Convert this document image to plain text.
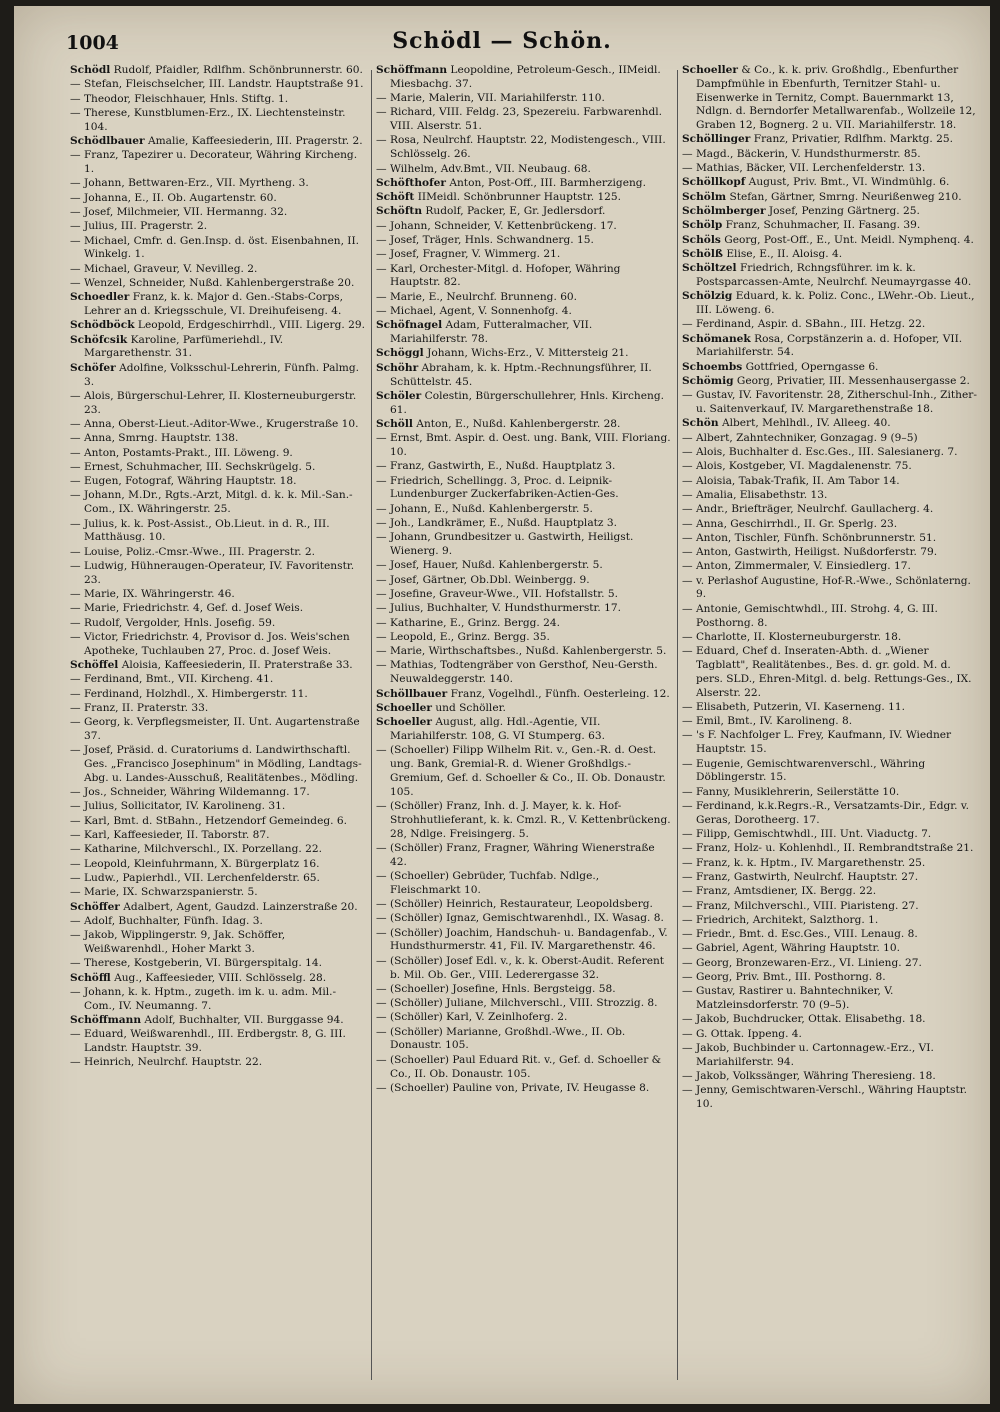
1004	Schödl — Schön.

Schödl Rudolf, Pfaidler, Rdlfhm. Schönbrunnerstr. 60.

— Stefan, Fleischselcher, III. Landstr. Hauptstraße 91.

— Theodor, Fleischhauer, Hnls. Stiftg. 1.

— Therese, Kunstblumen-Erz., IX. Liechtensteinstr. 104.

Schödlbauer Amalie, Kaffeesiederin, III. Pragerstr. 2.

— Franz, Tapezirer u. Decorateur, Währing Kircheng. 1.

— Johann, Bettwaren-Erz., VII. Myrtheng. 3.

— Johanna, E., II. Ob. Augartenstr. 60.

— Josef, Milchmeier, VII. Hermanng. 32.

— Julius, III. Pragerstr. 2.

— Michael, Cmfr. d. Gen.Insp. d. öst. Eisenbahnen, II. Winkelg. 1.

— Michael, Graveur, V. Nevilleg. 2.

— Wenzel, Schneider, Nußd. Kahlenbergerstraße 20.

Schoedler Franz, k. k. Major d. Gen.-Stabs-Corps, Lehrer an d. Kriegsschule, VI. Dreihufeiseng. 4.

Schödböck Leopold, Erdgeschirrhdl., VIII. Ligerg. 29.

Schöfcsik Karoline, Parfümeriehdl., IV. Margarethenstr. 31.

Schöfer Adolfine, Volksschul-Lehrerin, Fünfh. Palmg. 3.

— Alois, Bürgerschul-Lehrer, II. Klosterneuburgerstr. 23.

— Anna, Oberst-Lieut.-Aditor-Wwe., Krugerstraße 10.

— Anna, Smrng. Hauptstr. 138.

— Anton, Postamts-Prakt., III. Löweng. 9.

— Ernest, Schuhmacher, III. Sechskrügelg. 5.

— Eugen, Fotograf, Währing Hauptstr. 18.

— Johann, M.Dr., Rgts.-Arzt, Mitgl. d. k. k. Mil.-San.-Com., IX. Währingerstr. 25.

— Julius, k. k. Post-Assist., Ob.Lieut. in d. R., III. Matthäusg. 10.

— Louise, Poliz.-Cmsr.-Wwe., III. Pragerstr. 2.

— Ludwig, Hühneraugen-Operateur, IV. Favoritenstr. 23.

— Marie, IX. Währingerstr. 46.

— Marie, Friedrichstr. 4, Gef. d. Josef Weis.

— Rudolf, Vergolder, Hnls. Josefig. 59.

— Victor, Friedrichstr. 4, Provisor d. Jos. Weis'schen Apotheke, Tuchlauben 27, Proc. d. Josef Weis.

Schöffel Aloisia, Kaffeesiederin, II. Praterstraße 33.

— Ferdinand, Bmt., VII. Kircheng. 41.

— Ferdinand, Holzhdl., X. Himbergerstr. 11.

— Franz, II. Praterstr. 33.

— Georg, k. Verpflegsmeister, II. Unt. Augartenstraße 37.

— Josef, Präsid. d. Curatoriums d. Landwirthschaftl. Ges. „Francisco Josephinum" in Mödling, Landtags-Abg. u. Landes-Ausschuß, Realitätenbes., Mödling.

— Jos., Schneider, Währing Wildemanng. 17.

— Julius, Sollicitator, IV. Karolineng. 31.

— Karl, Bmt. d. StBahn., Hetzendorf Gemeindeg. 6.

— Karl, Kaffeesieder, II. Taborstr. 87.

— Katharine, Milchverschl., IX. Porzellang. 22.

— Leopold, Kleinfuhrmann, X. Bürgerplatz 16.

— Ludw., Papierhdl., VII. Lerchenfelderstr. 65.

— Marie, IX. Schwarzspanierstr. 5.

Schöffer Adalbert, Agent, Gaudzd. Lainzerstraße 20.

— Adolf, Buchhalter, Fünfh. Idag. 3.

— Jakob, Wipplingerstr. 9, Jak. Schöffer, Weißwarenhdl., Hoher Markt 3.

— Therese, Kostgeberin, VI. Bürgerspitalg. 14.

Schöffl Aug., Kaffeesieder, VIII. Schlösselg. 28.

— Johann, k. k. Hptm., zugeth. im k. u. adm. Mil.-Com., IV. Neumanng. 7.

Schöffmann Adolf, Buchhalter, VII. Burggasse 94.

— Eduard, Weißwarenhdl., III. Erdbergstr. 8, G. III. Landstr. Hauptstr. 39.

— Heinrich, Neulrchf. Hauptstr. 22.

Schöffmann Leopoldine, Petroleum-Gesch., IIMeidl. Miesbachg. 37.

— Marie, Malerin, VII. Mariahilferstr. 110.

— Richard, VIII. Feldg. 23, Spezereiu. Farbwarenhdl. VIII. Alserstr. 51.

— Rosa, Neulrchf. Hauptstr. 22, Modistengesch., VIII. Schlösselg. 26.

— Wilhelm, Adv.Bmt., VII. Neubaug. 68.

Schöfthofer Anton, Post-Off., III. Barmherzigeng.

Schöft IIMeidl. Schönbrunner Hauptstr. 125.

Schöftn Rudolf, Packer, E, Gr. Jedlersdorf.

— Johann, Schneider, V. Kettenbrückeng. 17.

— Josef, Träger, Hnls. Schwandnerg. 15.

— Josef, Fragner, V. Wimmerg. 21.

— Karl, Orchester-Mitgl. d. Hofoper, Währing Hauptstr. 82.

— Marie, E., Neulrchf. Brunneng. 60.

— Michael, Agent, V. Sonnenhofg. 4.

Schöfnagel Adam, Futteralmacher, VII. Mariahilferstr. 78.

Schöggl Johann, Wichs-Erz., V. Mittersteig 21.

Schöhr Abraham, k. k. Hptm.-Rechnungsführer, II. Schüttelstr. 45.

Schöler Colestin, Bürgerschullehrer, Hnls. Kircheng. 61.

Schöll Anton, E., Nußd. Kahlenbergerstr. 28.

— Ernst, Bmt. Aspir. d. Oest. ung. Bank, VIII. Floriang. 10.

— Franz, Gastwirth, E., Nußd. Hauptplatz 3.

— Friedrich, Schellingg. 3, Proc. d. Leipnik-Lundenburger Zuckerfabriken-Actien-Ges.

— Johann, E., Nußd. Kahlenbergerstr. 5.

— Joh., Landkrämer, E., Nußd. Hauptplatz 3.

— Johann, Grundbesitzer u. Gastwirth, Heiligst. Wienerg. 9.

— Josef, Hauer, Nußd. Kahlenbergerstr. 5.

— Josef, Gärtner, Ob.Dbl. Weinbergg. 9.

— Josefine, Graveur-Wwe., VII. Hofstallstr. 5.

— Julius, Buchhalter, V. Hundsthurmerstr. 17.

— Katharine, E., Grinz. Bergg. 24.

— Leopold, E., Grinz. Bergg. 35.

— Marie, Wirthschaftsbes., Nußd. Kahlenbergerstr. 5.

— Mathias, Todtengräber von Gersthof, Neu-Gersth. Neuwaldeggerstr. 140.

Schöllbauer Franz, Vogelhdl., Fünfh. Oesterleing. 12.

Schoeller und Schöller.

Schoeller August, allg. Hdl.-Agentie, VII. Mariahilferstr. 108, G. VI Stumperg. 63.

— (Schoeller) Filipp Wilhelm Rit. v., Gen.-R. d. Oest. ung. Bank, Gremial-R. d. Wiener Großhdlgs.-Gremium, Gef. d. Schoeller & Co., II. Ob. Donaustr. 105.

— (Schöller) Franz, Inh. d. J. Mayer, k. k. Hof-Strohhutlieferant, k. k. Cmzl. R., V. Kettenbrückeng. 28, Ndlge. Freisingerg. 5.

— (Schöller) Franz, Fragner, Währing Wienerstraße 42.

— (Schoeller) Gebrüder, Tuchfab. Ndlge., Fleischmarkt 10.

— (Schöller) Heinrich, Restaurateur, Leopoldsberg.

— (Schöller) Ignaz, Gemischtwarenhdl., IX. Wasag. 8.

— (Schöller) Joachim, Handschuh- u. Bandagenfab., V. Hundsthurmerstr. 41, Fil. IV. Margarethenstr. 46.

— (Schöller) Josef Edl. v., k. k. Oberst-Audit. Referent b. Mil. Ob. Ger., VIII. Lederergasse 32.

— (Schoeller) Josefine, Hnls. Bergsteigg. 58.

— (Schöller) Juliane, Milchverschl., VIII. Strozzig. 8.

— (Schöller) Karl, V. Zeinlhoferg. 2.

— (Schöller) Marianne, Großhdl.-Wwe., II. Ob. Donaustr. 105.

— (Schoeller) Paul Eduard Rit. v., Gef. d. Schoeller & Co., II. Ob. Donaustr. 105.

— (Schoeller) Pauline von, Private, IV. Heugasse 8.

Schoeller & Co., k. k. priv. Großhdlg., Ebenfurther Dampfmühle in Ebenfurth, Ternitzer Stahl- u. Eisenwerke in Ternitz, Compt. Bauernmarkt 13, Ndlgn. d. Berndorfer Metallwarenfab., Wollzeile 12, Graben 12, Bognerg. 2 u. VII. Mariahilferstr. 18.

Schöllinger Franz, Privatier, Rdlfhm. Marktg. 25.

— Magd., Bäckerin, V. Hundsthurmerstr. 85.

— Mathias, Bäcker, VII. Lerchenfelderstr. 13.

Schöllkopf August, Priv. Bmt., VI. Windmühlg. 6.

Schölm Stefan, Gärtner, Smrng. Neurißenweg 210.

Schölmberger Josef, Penzing Gärtnerg. 25.

Schölp Franz, Schuhmacher, II. Fasang. 39.

Schöls Georg, Post-Off., E., Unt. Meidl. Nymphenq. 4.

Schölß Elise, E., II. Aloisg. 4.

Schöltzel Friedrich, Rchngsführer. im k. k. Postsparcassen-Amte, Neulrchf. Neumayrgasse 40.

Schölzig Eduard, k. k. Poliz. Conc., LWehr.-Ob. Lieut., III. Löweng. 6.

— Ferdinand, Aspir. d. SBahn., III. Hetzg. 22.

Schömanek Rosa, Corpstänzerin a. d. Hofoper, VII. Mariahilferstr. 54.

Schoembs Gottfried, Operngasse 6.

Schömig Georg, Privatier, III. Messenhausergasse 2.

— Gustav, IV. Favoritenstr. 28, Zitherschul-Inh., Zither- u. Saitenverkauf, IV. Margarethenstraße 18.

Schön Albert, Mehlhdl., IV. Alleeg. 40.

— Albert, Zahntechniker, Gonzagag. 9 (9–5)

— Alois, Buchhalter d. Esc.Ges., III. Salesianerg. 7.

— Alois, Kostgeber, VI. Magdalenenstr. 75.

— Aloisia, Tabak-Trafik, II. Am Tabor 14.

— Amalia, Elisabethstr. 13.

— Andr., Briefträger, Neulrchf. Gaullacherg. 4.

— Anna, Geschirrhdl., II. Gr. Sperlg. 23.

— Anton, Tischler, Fünfh. Schönbrunnerstr. 51.

— Anton, Gastwirth, Heiligst. Nußdorferstr. 79.

— Anton, Zimmermaler, V. Einsiedlerg. 17.

— v. Perlashof Augustine, Hof-R.-Wwe., Schönlaterng. 9.

— Antonie, Gemischtwhdl., III. Strohg. 4, G. III. Posthorng. 8.

— Charlotte, II. Klosterneuburgerstr. 18.

— Eduard, Chef d. Inseraten-Abth. d. „Wiener Tagblatt", Realitätenbes., Bes. d. gr. gold. M. d. pers. SLD., Ehren-Mitgl. d. belg. Rettungs-Ges., IX. Alserstr. 22.

— Elisabeth, Putzerin, VI. Kaserneng. 11.

— Emil, Bmt., IV. Karolineng. 8.

— 's F. Nachfolger L. Frey, Kaufmann, IV. Wiedner Hauptstr. 15.

— Eugenie, Gemischtwarenverschl., Währing Döblingerstr. 15.

— Fanny, Musiklehrerin, Seilerstätte 10.

— Ferdinand, k.k.Regrs.-R., Versatzamts-Dir., Edgr. v. Geras, Dorotheerg. 17.

— Filipp, Gemischtwhdl., III. Unt. Viaductg. 7.

— Franz, Holz- u. Kohlenhdl., II. Rembrandtstraße 21.

— Franz, k. k. Hptm., IV. Margarethenstr. 25.

— Franz, Gastwirth, Neulrchf. Hauptstr. 27.

— Franz, Amtsdiener, IX. Bergg. 22.

— Franz, Milchverschl., VIII. Piaristeng. 27.

— Friedrich, Architekt, Salzthorg. 1.

— Friedr., Bmt. d. Esc.Ges., VIII. Lenaug. 8.

— Gabriel, Agent, Währing Hauptstr. 10.

— Georg, Bronzewaren-Erz., VI. Linieng. 27.

— Georg, Priv. Bmt., III. Posthorng. 8.

— Gustav, Rastirer u. Bahntechniker, V. Matzleinsdorferstr. 70 (9–5).

— Jakob, Buchdrucker, Ottak. Elisabethg. 18.

— G. Ottak. Ippeng. 4.

— Jakob, Buchbinder u. Cartonnagew.-Erz., VI. Mariahilferstr. 94.

— Jakob, Volkssänger, Währing Theresieng. 18.

— Jenny, Gemischtwaren-Verschl., Währing Hauptstr. 10.
